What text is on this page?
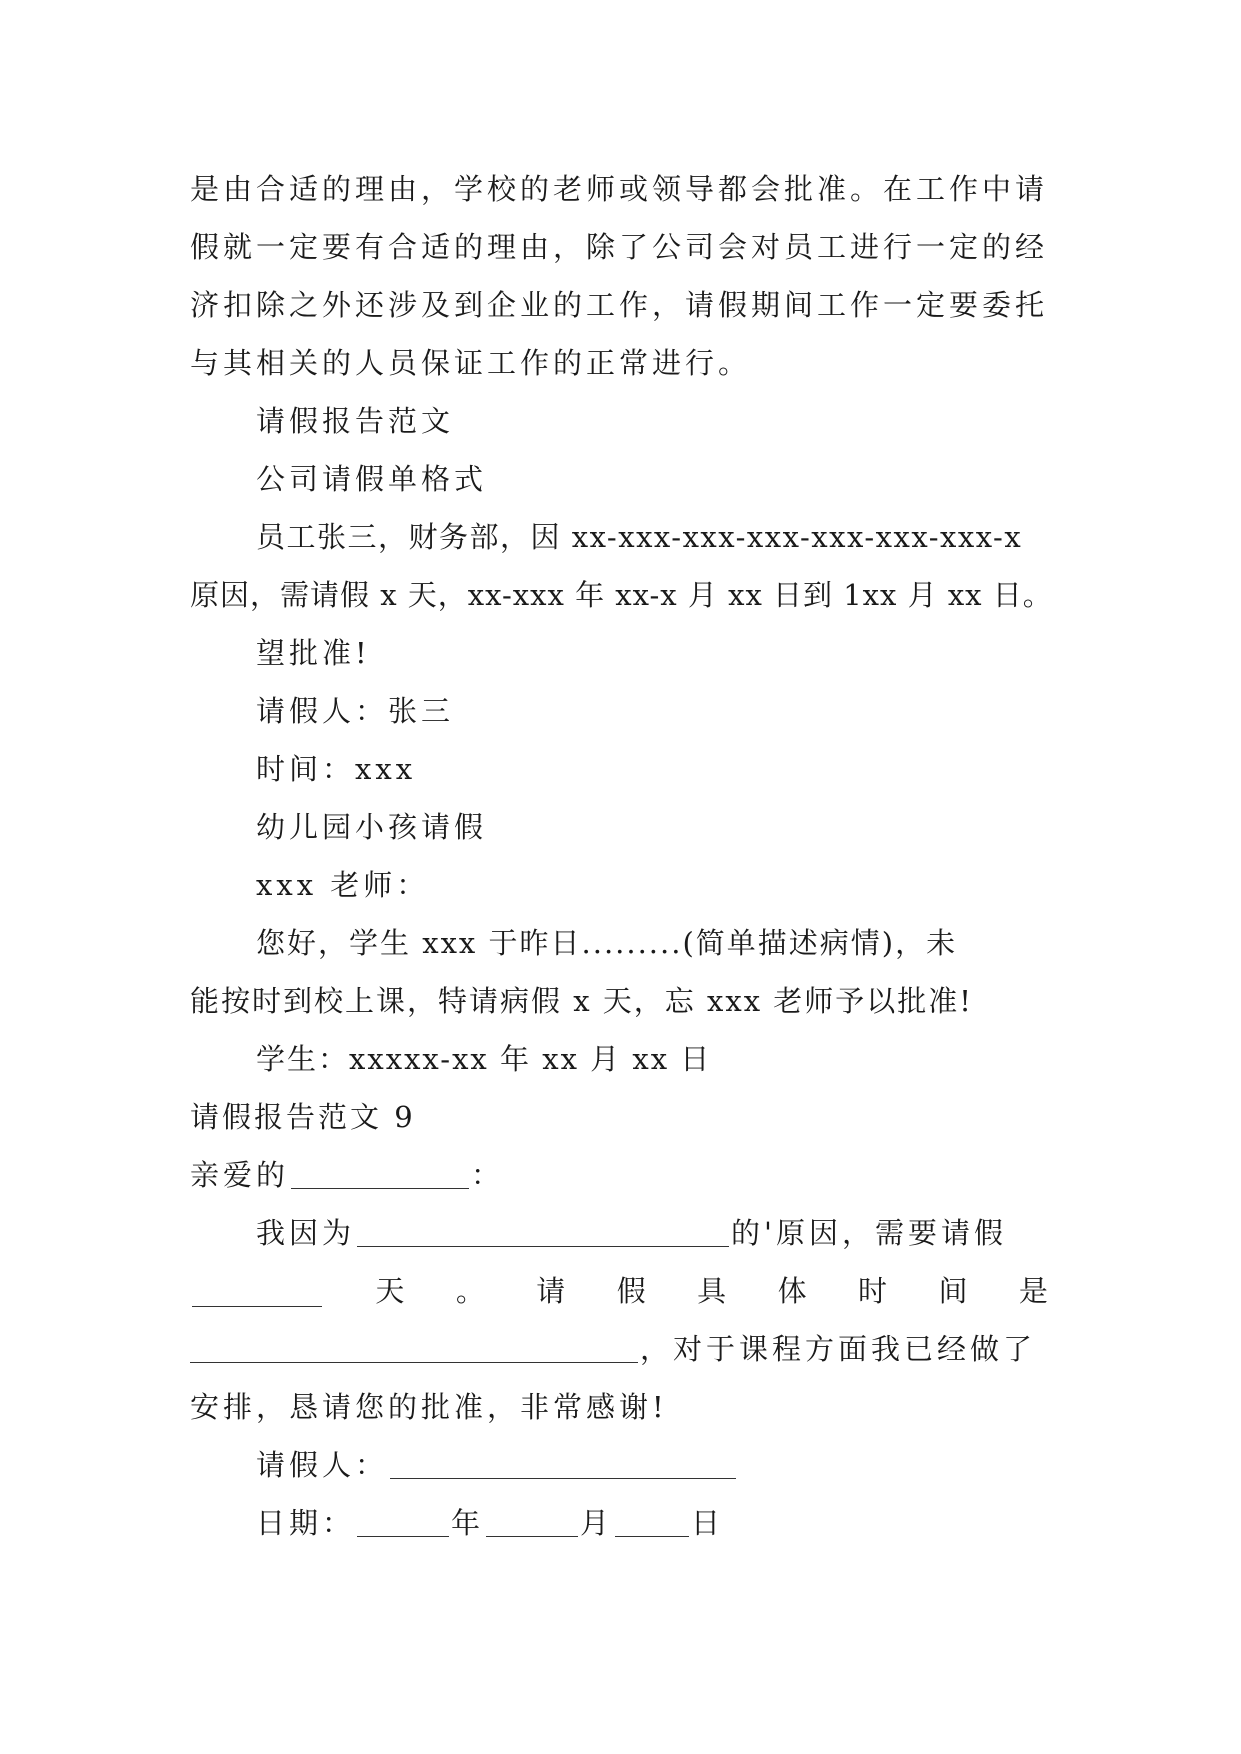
是由合适的理由，学校的老师或领导都会批准。在工作中请

假就一定要有合适的理由，除了公司会对员工进行一定的经

济扣除之外还涉及到企业的工作，请假期间工作一定要委托

与其相关的人员保证工作的正常进行。

请假报告范文

公司请假单格式

员工张三，财务部，因 xx-xxx-xxx-xxx-xxx-xxx-xxx-x

原因，需请假 x 天，xx-xxx 年 xx-x 月 xx 日到 1xx 月 xx 日。

望批准!

请假人：张三

时间：xxx

幼儿园小孩请假

xxx 老师：

您好，学生 xxx 于昨日.........(简单描述病情)，未

能按时到校上课，特请病假 x 天，忘 xxx 老师予以批准!

学生：xxxxx-xx 年 xx 月 xx 日

请假报告范文 9

亲爱的	：

我因为	的'原因，需要请假

天 。 请 假 具 体 时 间 是

，对于课程方面我已经做了

安排，恳请您的批准，非常感谢!

请假人：

日期：	年	月	日
